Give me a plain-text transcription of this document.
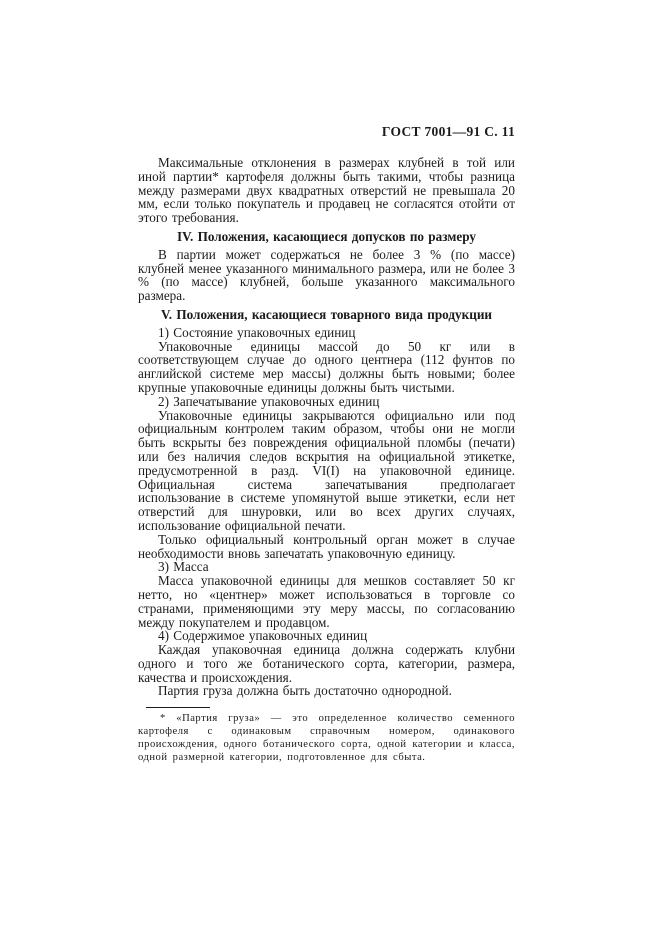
ГОСТ 7001—91 С. 11

Максимальные отклонения в размерах клубней в той или иной партии* картофеля должны быть такими, чтобы разница между размерами двух квадратных отверстий не превышала 20 мм, если только покупатель и продавец не согласятся отойти от этого требования.

IV. Положения, касающиеся допусков по размеру

В партии может содержаться не более 3 % (по массе) клубней менее указанного минимального размера, или не более 3 % (по массе) клубней, больше указанного максимального размера.

V. Положения, касающиеся товарного вида продукции

1) Состояние упаковочных единиц

Упаковочные единицы массой до 50 кг или в соответствующем случае до одного центнера (112 фунтов по английской системе мер массы) должны быть новыми; более крупные упаковочные единицы должны быть чистыми.

2) Запечатывание упаковочных единиц

Упаковочные единицы закрываются официально или под официальным контролем таким образом, чтобы они не могли быть вскрыты без повреждения официальной пломбы (печати) или без наличия следов вскрытия на официальной этикетке, предусмотренной в разд. VI(I) на упаковочной единице. Официальная система запечатывания предполагает использование в системе упомянутой выше этикетки, если нет отверстий для шнуровки, или во всех других случаях, использование официальной печати.

Только официальный контрольный орган может в случае необходимости вновь запечатать упаковочную единицу.

3) Масса

Масса упаковочной единицы для мешков составляет 50 кг нетто, но «центнер» может использоваться в торговле со странами, применяющими эту меру массы, по согласованию между покупателем и продавцом.

4) Содержимое упаковочных единиц

Каждая упаковочная единица должна содержать клубни одного и того же ботанического сорта, категории, размера, качества и происхождения.

Партия груза должна быть достаточно однородной.

* «Партия груза» — это определенное количество семенного картофеля с одинаковым справочным номером, одинакового происхождения, одного ботанического сорта, одной категории и класса, одной размерной категории, подготовленное для сбыта.
